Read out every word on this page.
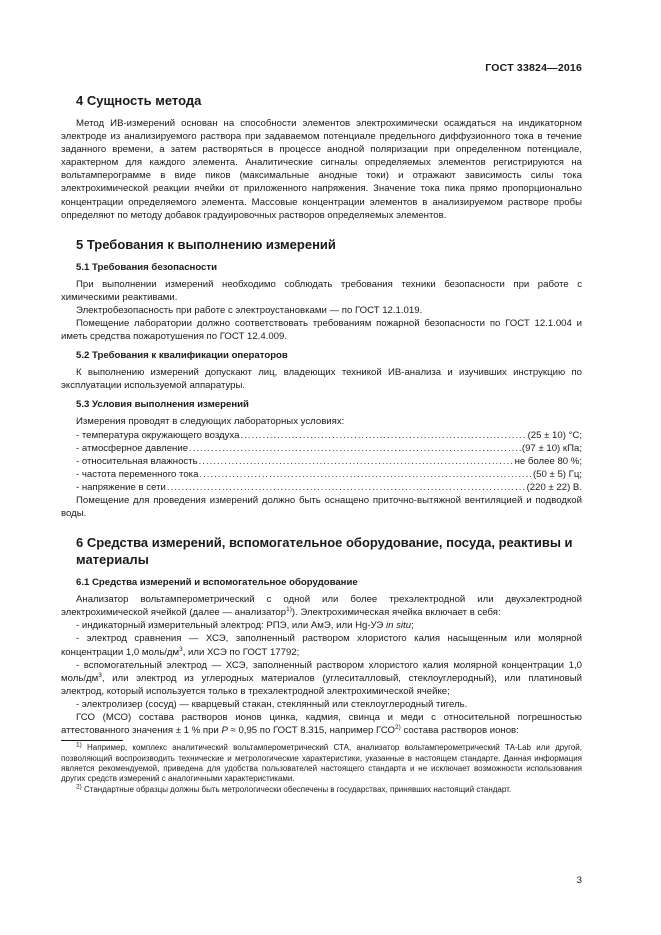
ГОСТ 33824—2016
4 Сущность метода

Метод ИВ-измерений основан на способности элементов электрохимически осаждаться на индикаторном электроде из анализируемого раствора при задаваемом потенциале предельного диффузионного тока в течение заданного времени, а затем растворяться в процессе анодной поляризации при определенном потенциале, характерном для каждого элемента. Аналитические сигналы определяемых элементов регистрируются на вольтамперограмме в виде пиков (максимальные анодные токи) и отражают зависимость силы тока электрохимической реакции ячейки от приложенного напряжения. Значение тока пика прямо пропорционально концентрации определяемого элемента. Массовые концентрации элементов в анализируемом растворе пробы определяют по методу добавок градуировочных растворов определяемых элементов.

5 Требования к выполнению измерений
5.1 Требования безопасности

При выполнении измерений необходимо соблюдать требования техники безопасности при работе с химическими реактивами.

Электробезопасность при работе с электроустановками — по ГОСТ 12.1.019.

Помещение лаборатории должно соответствовать требованиям пожарной безопасности по ГОСТ 12.1.004 и иметь средства пожаротушения по ГОСТ 12.4.009.

5.2 Требования к квалификации операторов

К выполнению измерений допускают лиц, владеющих техникой ИВ-анализа и изучивших инструкцию по эксплуатации используемой аппаратуры.

5.3 Условия выполнения измерений

Измерения проводят в следующих лабораторных условиях:

- температура окружающего воздуха .....	(25 ± 10) °С;
- атмосферное давление .....	(97 ± 10) кПа;
- относительная влажность .....	не более 80 %;
- частота переменного тока .....	(50 ± 5) Гц;
- напряжение в сети .....	(220 ± 22) В.

Помещение для проведения измерений должно быть оснащено приточно-вытяжной вентиляцией и подводкой воды.

6 Средства измерений, вспомогательное оборудование, посуда, реактивы и материалы
6.1 Средства измерений и вспомогательное оборудование

Анализатор вольтамперометрический с одной или более трехэлектродной или двухэлектродной электрохимической ячейкой (далее — анализатор$^{1)}$). Электрохимическая ячейка включает в себя:

- индикаторный измерительный электрод: РПЭ, или АмЭ, или Hg-УЭ in situ;

- электрод сравнения — ХСЭ, заполненный раствором хлористого калия насыщенным или молярной концентрации 1,0 моль/$дм^3$, или ХСЭ по ГОСТ 17792;

- вспомогательный электрод — ХСЭ, заполненный раствором хлористого калия молярной концентрации 1,0 моль/$дм^3$, или электрод из углеродных материалов (углеситалловый, стеклоуглеродный), или платиновый электрод, который используется только в трехэлектродной электрохимической ячейке;

- электролизер (сосуд) — кварцевый стакан, стеклянный или стеклоуглеродный тигель.

ГСО (МСО) состава растворов ионов цинка, кадмия, свинца и меди с относительной погрешностью аттестованного значения ± 1 % при Р ≈ 0,95 по ГОСТ 8.315, например ГСО$^{2)}$ состава растворов ионов:

$^{1)}$ Например, комплекс аналитический вольтамперометрический СТА, анализатор вольтамперометрический ТА-Lab или другой, позволяющий воспроизводить технические и метрологические характеристики, указанные в настоящем стандарте. Данная информация является рекомендуемой, приведена для удобства пользователей настоящего стандарта и не исключает возможности использования других средств измерений с аналогичными характеристиками.

$^{2)}$ Стандартные образцы должны быть метрологически обеспечены в государствах, принявших настоящий стандарт.

3
